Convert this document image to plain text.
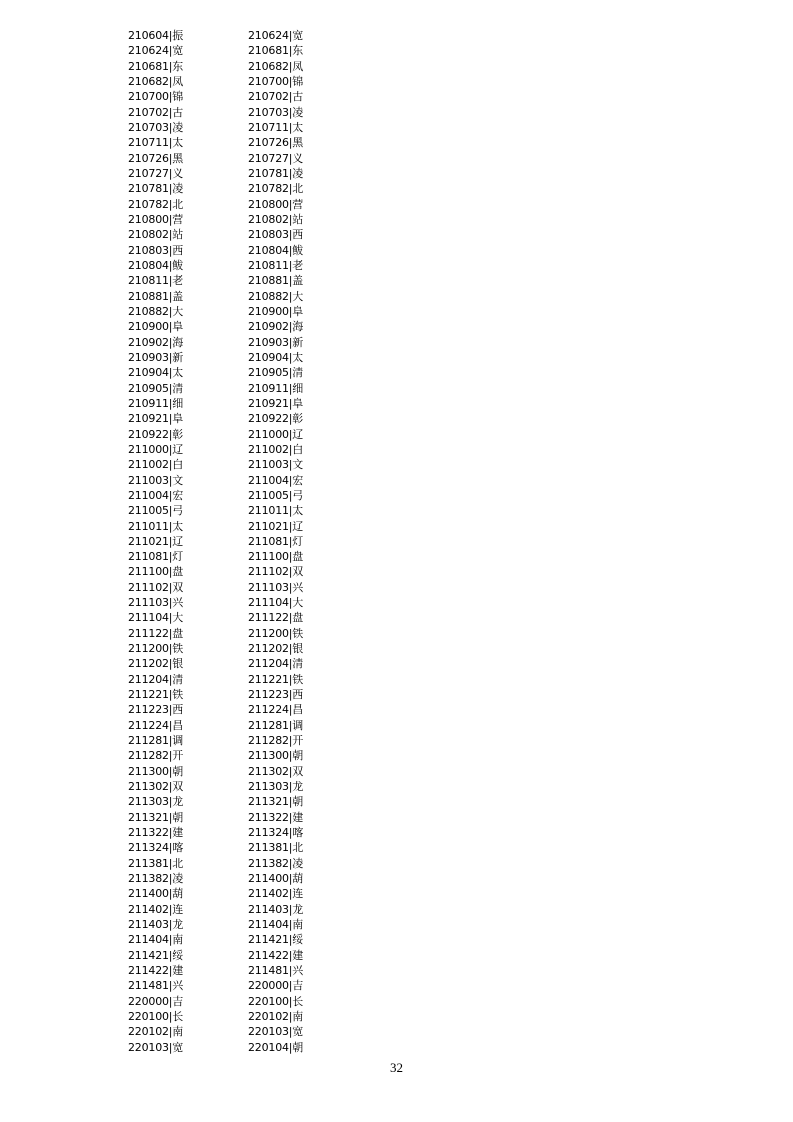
210604|振
210624|宽
210681|东
210682|凤
210700|锦
210702|古
210703|凌
210711|太
210726|黑
210727|义
210781|凌
210782|北
210800|营
210802|站
210803|西
210804|鲅
210811|老
210881|盖
210882|大
210900|阜
210902|海
210903|新
210904|太
210905|清
210911|细
210921|阜
210922|彰
211000|辽
211002|白
211003|文
211004|宏
211005|弓
211011|太
211021|辽
211081|灯
211100|盘
211102|双
211103|兴
211104|大
211122|盘
211200|铁
211202|银
211204|清
211221|铁
211223|西
211224|昌
211281|调
211282|开
211300|朝
211302|双
211303|龙
211321|朝
211322|建
211324|喀
211381|北
211382|凌
211400|葫
211402|连
211403|龙
211404|南
211421|绥
211422|建
211481|兴
220000|吉
220100|长
220102|南
220103|宽
210624|宽
210681|东
210682|凤
210700|锦
210702|古
210703|凌
210711|太
210726|黑
210727|义
210781|凌
210782|北
210800|营
210802|站
210803|西
210804|鲅
210811|老
210881|盖
210882|大
210900|阜
210902|海
210903|新
210904|太
210905|清
210911|细
210921|阜
210922|彰
211000|辽
211002|白
211003|文
211004|宏
211005|弓
211011|太
211021|辽
211081|灯
211100|盘
211102|双
211103|兴
211104|大
211122|盘
211200|铁
211202|银
211204|清
211221|铁
211223|西
211224|昌
211281|调
211282|开
211300|朝
211302|双
211303|龙
211321|朝
211322|建
211324|喀
211381|北
211382|凌
211400|葫
211402|连
211403|龙
211404|南
211421|绥
211422|建
211481|兴
220000|吉
220100|长
220102|南
220103|宽
220104|朝
32
